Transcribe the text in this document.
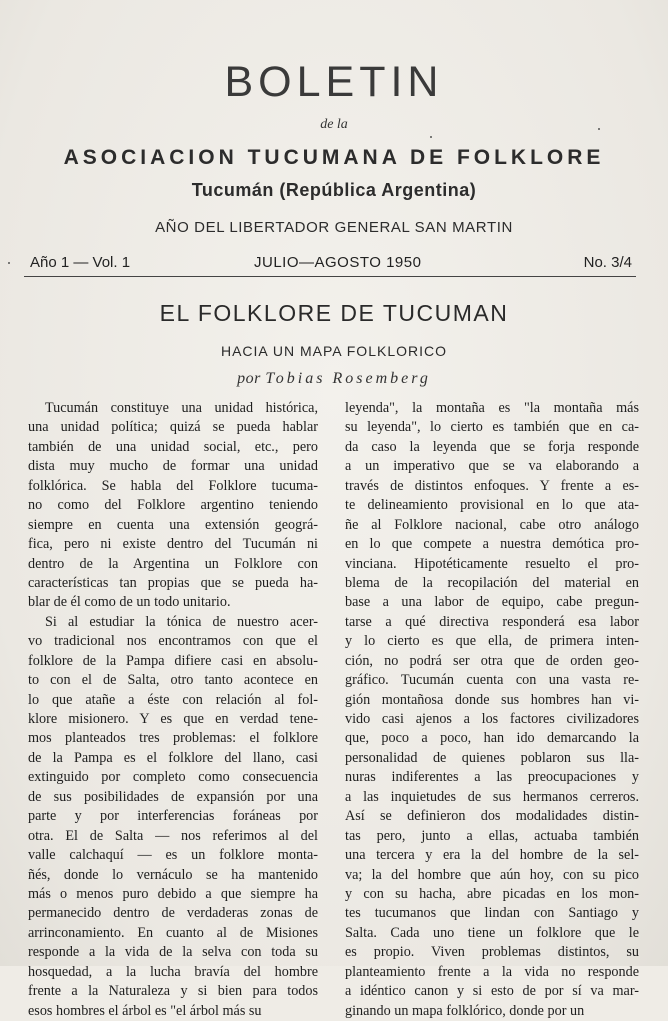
BOLETIN
de la
ASOCIACION TUCUMANA DE FOLKLORE
Tucumán (República Argentina)
AÑO DEL LIBERTADOR GENERAL SAN MARTIN
Año 1 — Vol. 1	JULIO—AGOSTO 1950	No. 3/4
EL FOLKLORE DE TUCUMAN
HACIA UN MAPA FOLKLORICO
por Tobias Rosemberg
Tucumán constituye una unidad histórica,
una unidad política; quizá se pueda hablar
también de una unidad social, etc., pero
dista muy mucho de formar una unidad
folklórica. Se habla del Folklore tucuma-
no como del Folklore argentino teniendo
siempre en cuenta una extensión geográ-
fica, pero ni existe dentro del Tucumán ni
dentro de la Argentina un Folklore con
características tan propias que se pueda ha-
blar de él como de un todo unitario.
Si al estudiar la tónica de nuestro acer-
vo tradicional nos encontramos con que el
folklore de la Pampa difiere casi en absolu-
to con el de Salta, otro tanto acontece en
lo que atañe a éste con relación al fol-
klore misionero. Y es que en verdad tene-
mos planteados tres problemas: el folklore
de la Pampa es el folklore del llano, casi
extinguido por completo como consecuencia
de sus posibilidades de expansión por una
parte y por interferencias foráneas por
otra. El de Salta — nos referimos al del
valle calchaquí — es un folklore monta-
ñés, donde lo vernáculo se ha mantenido
más o menos puro debido a que siempre ha
permanecido dentro de verdaderas zonas de
arrinconamiento. En cuanto al de Misiones
responde a la vida de la selva con toda su
hosquedad, a la lucha bravía del hombre
frente a la Naturaleza y si bien para todos
esos hombres el árbol es "el árbol más su
leyenda", la montaña es "la montaña más
su leyenda", lo cierto es también que en ca-
da caso la leyenda que se forja responde
a un imperativo que se va elaborando a
través de distintos enfoques. Y frente a es-
te delineamiento provisional en lo que ata-
ñe al Folklore nacional, cabe otro análogo
en lo que compete a nuestra demótica pro-
vinciana. Hipotéticamente resuelto el pro-
blema de la recopilación del material en
base a una labor de equipo, cabe pregun-
tarse a qué directiva responderá esa labor
y lo cierto es que ella, de primera inten-
ción, no podrá ser otra que de orden geo-
gráfico. Tucumán cuenta con una vasta re-
gión montañosa donde sus hombres han vi-
vido casi ajenos a los factores civilizadores
que, poco a poco, han ido demarcando la
personalidad de quienes poblaron sus lla-
nuras indiferentes a las preocupaciones y
a las inquietudes de sus hermanos cerreros.
Así se definieron dos modalidades distin-
tas pero, junto a ellas, actuaba también
una tercera y era la del hombre de la sel-
va; la del hombre que aún hoy, con su pico
y con su hacha, abre picadas en los mon-
tes tucumanos que lindan con Santiago y
Salta. Cada uno tiene un folklore que le
es propio. Viven problemas distintos, su
planteamiento frente a la vida no responde
a idéntico canon y si esto de por sí va mar-
ginando un mapa folklórico, donde por un
